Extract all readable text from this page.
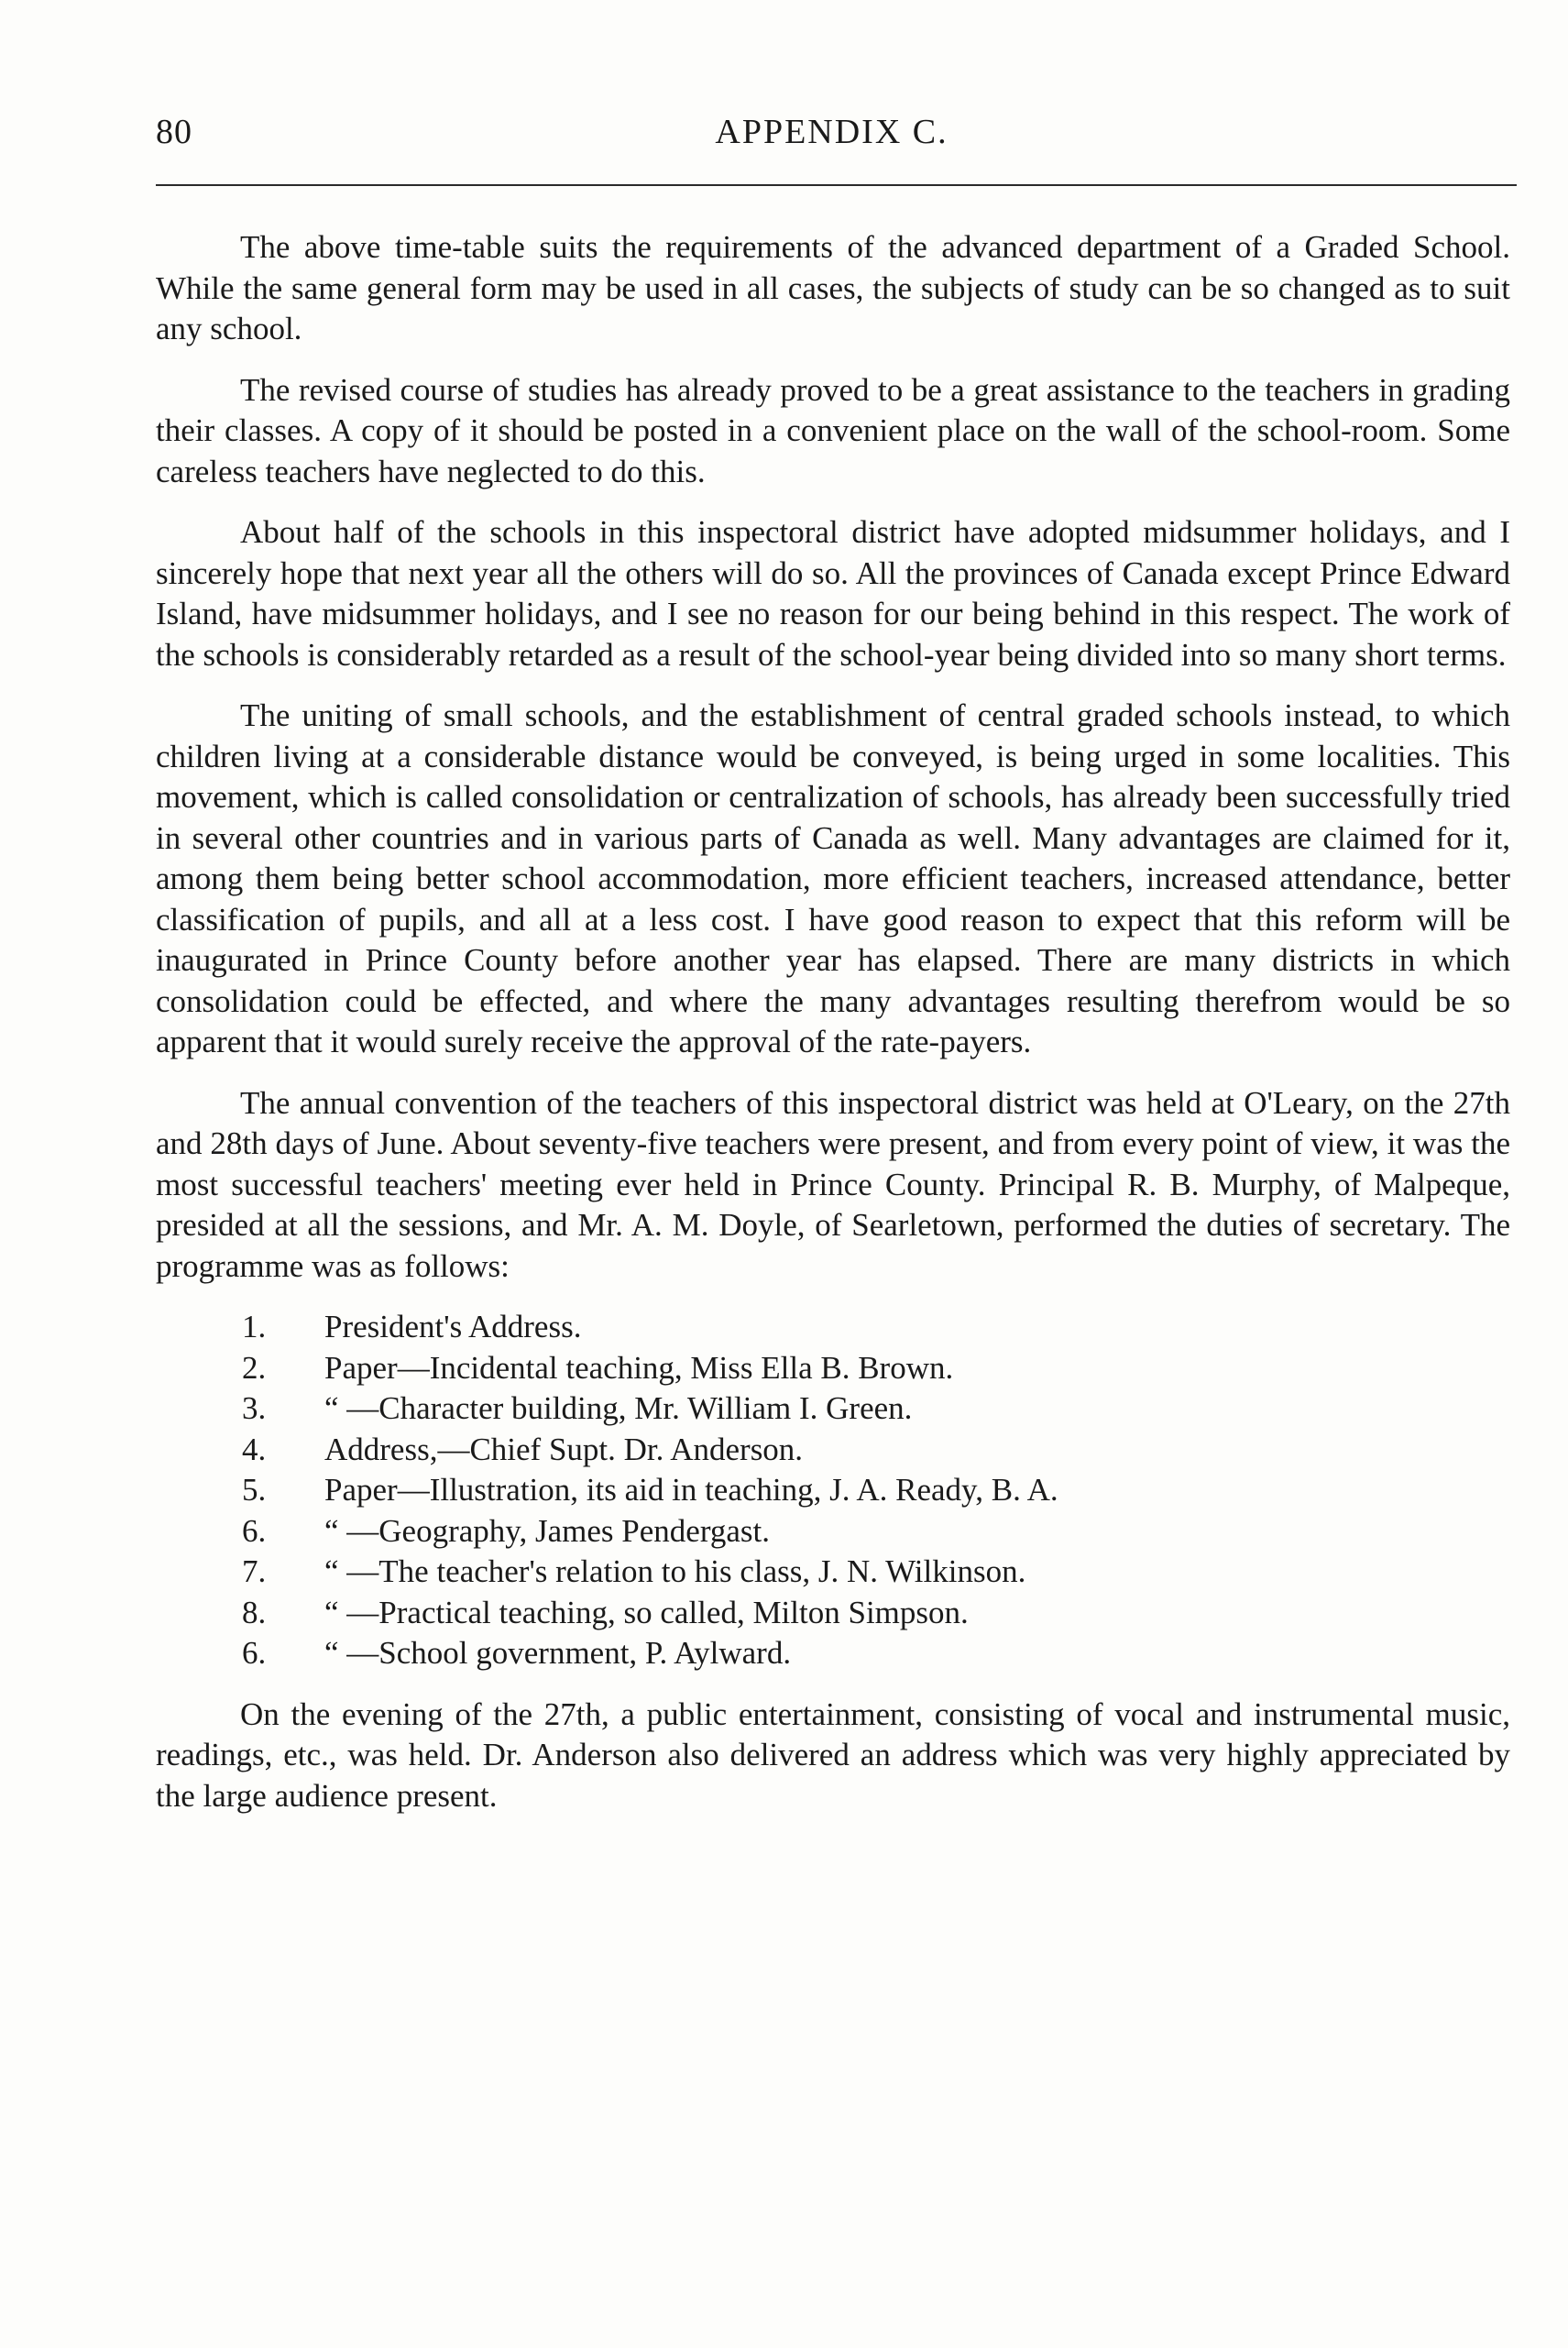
80	APPENDIX C.

The above time-table suits the requirements of the advanced department of a Graded School. While the same general form may be used in all cases, the subjects of study can be so changed as to suit any school.

The revised course of studies has already proved to be a great assistance to the teachers in grading their classes. A copy of it should be posted in a convenient place on the wall of the school-room. Some careless teachers have neglected to do this.

About half of the schools in this inspectoral district have adopted midsummer holidays, and I sincerely hope that next year all the others will do so. All the provinces of Canada except Prince Edward Island, have midsummer holidays, and I see no reason for our being behind in this respect. The work of the schools is considerably retarded as a result of the school-year being divided into so many short terms.

The uniting of small schools, and the establishment of central graded schools instead, to which children living at a considerable distance would be conveyed, is being urged in some localities. This movement, which is called consolidation or centralization of schools, has already been successfully tried in several other countries and in various parts of Canada as well. Many advantages are claimed for it, among them being better school accommodation, more efficient teachers, increased attendance, better classification of pupils, and all at a less cost. I have good reason to expect that this reform will be inaugurated in Prince County before another year has elapsed. There are many districts in which consolidation could be effected, and where the many advantages resulting therefrom would be so apparent that it would surely receive the approval of the rate-payers.

The annual convention of the teachers of this inspectoral district was held at O'Leary, on the 27th and 28th days of June. About seventy-five teachers were present, and from every point of view, it was the most successful teachers' meeting ever held in Prince County. Principal R. B. Murphy, of Malpeque, presided at all the sessions, and Mr. A. M. Doyle, of Searletown, performed the duties of secretary. The programme was as follows:

1.	President's Address.
2.	Paper—Incidental teaching, Miss Ella B. Brown.
3.	“ —Character building, Mr. William I. Green.
4.	Address,—Chief Supt. Dr. Anderson.
5.	Paper—Illustration, its aid in teaching, J. A. Ready, B. A.
6.	“ —Geography, James Pendergast.
7.	“ —The teacher's relation to his class, J. N. Wilkinson.
8.	“ —Practical teaching, so called, Milton Simpson.
6.	“ —School government, P. Aylward.

On the evening of the 27th, a public entertainment, consisting of vocal and instrumental music, readings, etc., was held. Dr. Anderson also delivered an address which was very highly appreciated by the large audience present.
